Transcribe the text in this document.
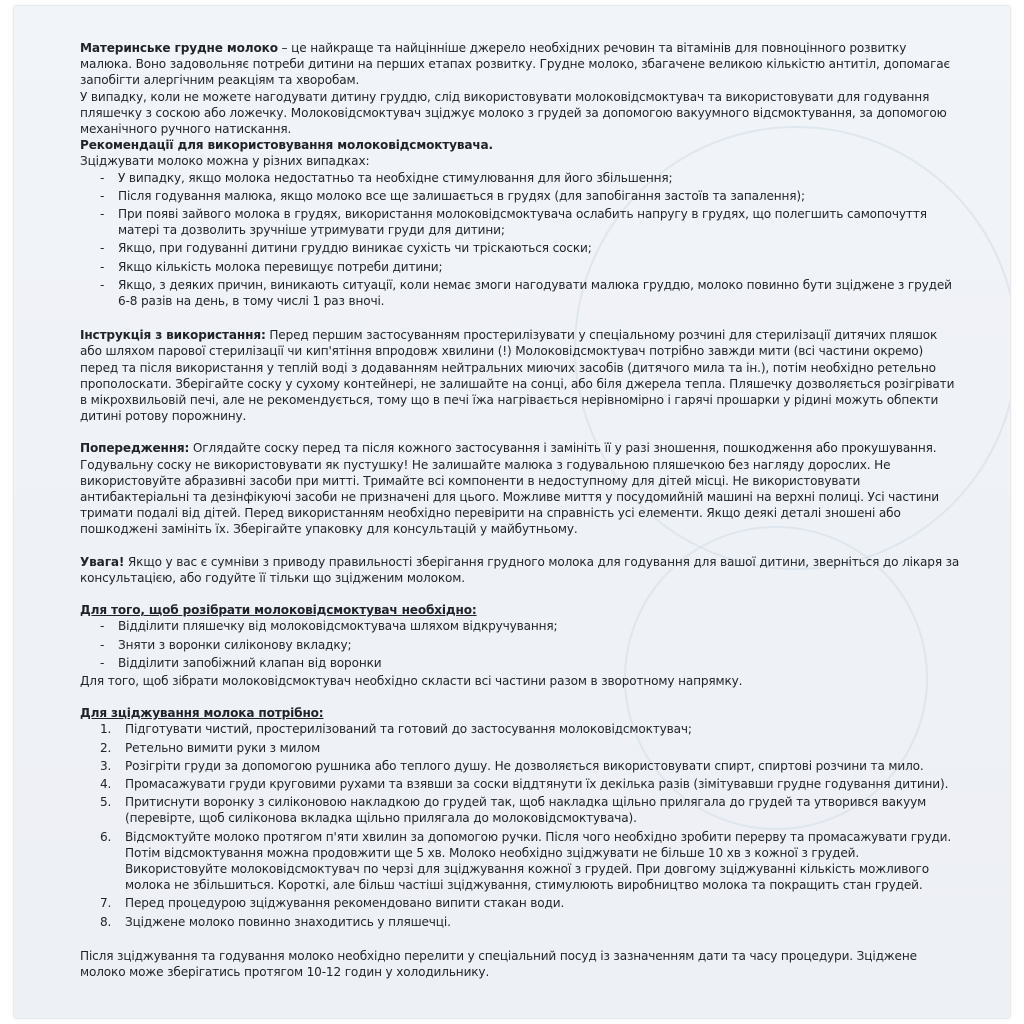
Материнське грудне молоко – це найкраще та найцінніше джерело необхідних речовин та вітамінів для повноцінного розвитку малюка. Воно задовольняє потреби дитини на перших етапах розвитку. Грудне молоко, збагачене великою кількістю антитіл, допомагає запобігти алергічним реакціям та хворобам.

У випадку, коли не можете нагодувати дитину груддю, слід використовувати молоковідсмоктувач та використовувати для годування пляшечку з соскою або ложечку. Молоковідсмоктувач зціджує молоко з грудей за допомогою вакуумного відсмоктування, за допомогою механічного ручного натискання.

Рекомендації для використовування молоковідсмоктувача.

Зціджувати молоко можна у різних випадках:

- У випадку, якщо молока недостатньо та необхідне стимулювання для його збільшення;
- Після годування малюка, якщо молоко все ще залишається в грудях (для запобігання застоїв та запалення);
- При появі зайвого молока в грудях, використання молоковідсмоктувача ослабить напругу в грудях, що полегшить самопочуття матері та дозволить зручніше утримувати груди для дитини;
- Якщо, при годуванні дитини груддю виникає сухість чи тріскаються соски;
- Якщо кількість молока перевищує потреби дитини;
- Якщо, з деяких причин, виникають ситуації, коли немає змоги нагодувати малюка груддю, молоко повинно бути зціджене з грудей 6-8 разів на день, в тому числі 1 раз вночі.

Інструкція з використання: Перед першим застосуванням простерилізувати у спеціальному розчині для стерилізації дитячих пляшок або шляхом парової стерилізації чи кип'ятіння впродовж хвилини (!) Молоковідсмоктувач потрібно завжди мити (всі частини окремо) перед та після використання у теплій воді з додаванням нейтральних миючих засобів (дитячого мила та ін.), потім необхідно ретельно прополоскати. Зберігайте соску у сухому контейнері, не залишайте на сонці, або біля джерела тепла. Пляшечку дозволяється розігрівати в мікрохвильовій печі, але не рекомендується, тому що в печі їжа нагрівається нерівномірно і гарячі прошарки у рідині можуть обпекти дитині ротову порожнину.

Попередження: Оглядайте соску перед та після кожного застосування і замініть її у разі зношення, пошкодження або прокушування. Годувальну соску не використовувати як пустушку! Не залишайте малюка з годувальною пляшечкою без нагляду дорослих. Не використовуйте абразивні засоби при митті. Тримайте всі компоненти в недоступному для дітей місці. Не використовувати антибактеріальні та дезінфікуючі засоби не призначені для цього. Можливе миття у посудомийній машині на верхні полиці. Усі частини тримати подалі від дітей. Перед використанням необхідно перевірити на справність усі елементи. Якщо деякі деталі зношені або пошкоджені замініть їх. Зберігайте упаковку для консультацій у майбутньому.

Увага! Якщо у вас є сумніви з приводу правильності зберігання грудного молока для годування для вашої дитини, зверніться до лікаря за консультацією, або годуйте її тільки що зцідженим молоком.

Для того, щоб розібрати молоковідсмоктувач необхідно:

- Відділити пляшечку від молоковідсмоктувача шляхом відкручування;
- Зняти з воронки силіконову вкладку;
- Відділити запобіжний клапан від воронки

Для того, щоб зібрати молоковідсмоктувач необхідно скласти всі частини разом в зворотному напрямку.

Для зціджування молока потрібно:

1. Підготувати чистий, простерилізований та готовий до застосування молоковідсмоктувач;
2. Ретельно вимити руки з милом
3. Розігріти груди за допомогою рушника або теплого душу. Не дозволяється використовувати спирт, спиртові розчини та мило.
4. Промасажувати груди круговими рухами та взявши за соски віддтянути їх декілька разів (зімітувавши грудне годування дитини).
5. Притиснути воронку з силіконовою накладкою до грудей так, щоб накладка щільно прилягала до грудей та утворився вакуум (перевірте, щоб силіконова вкладка щільно прилягала до молоковідсмоктувача).
6. Відсмоктуйте молоко протягом п'яти хвилин за допомогою ручки. Після чого необхідно зробити перерву та промасажувати груди. Потім відсмоктування можна продовжити ще 5 хв. Молоко необхідно зціджувати не більше 10 хв з кожної з грудей. Використовуйте молоковідсмоктувач по черзі для зціджування кожної з грудей. При довгому зціджуванні кількість можливого молока не збільшиться. Короткі, але більш частіші зціджування, стимулюють виробництво молока та покращить стан грудей.
7. Перед процедурою зціджування рекомендовано випити стакан води.
8. Зціджене молоко повинно знаходитись у пляшечці.

Після зціджування та годування молоко необхідно перелити у спеціальний посуд із зазначенням дати та часу процедури. Зціджене молоко може зберігатись протягом 10-12 годин у холодильнику.
